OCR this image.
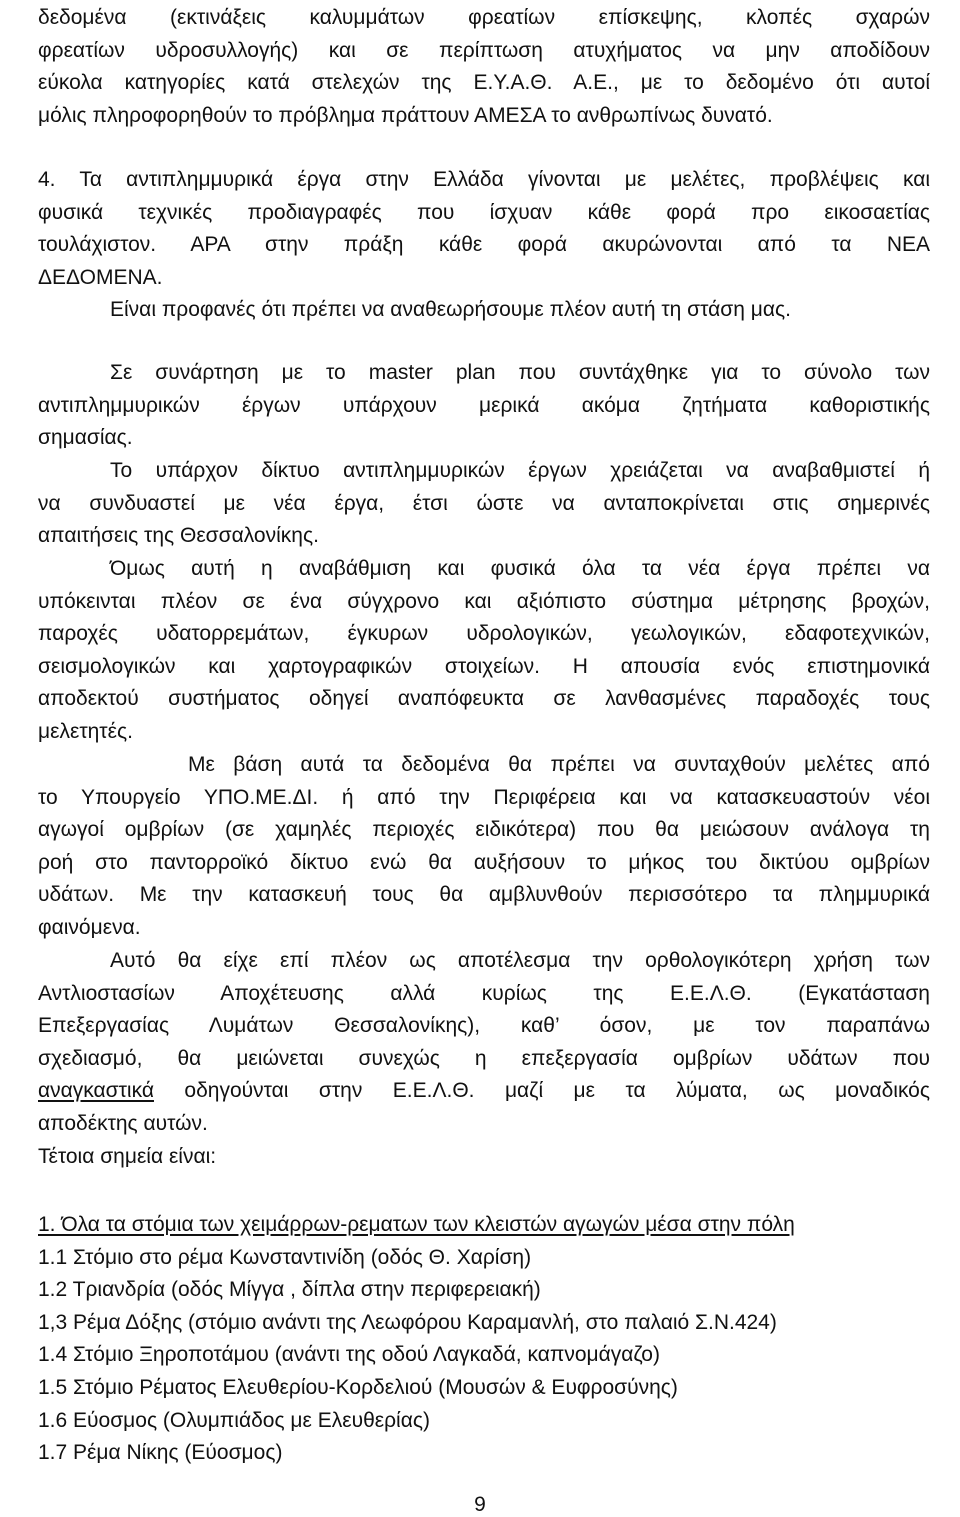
δεδομένα (εκτινάξεις καλυμμάτων φρεατίων επίσκεψης, κλοπές σχαρών
φρεατίων υδροσυλλογής) και σε περίπτωση ατυχήματος να μην αποδίδουν
εύκολα κατηγορίες κατά στελεχών της Ε.Υ.Α.Θ. Α.Ε., με το δεδομένο ότι αυτοί
μόλις πληροφορηθούν το πρόβλημα πράττουν ΑΜΕΣΑ το ανθρωπίνως δυνατό.
4. Τα αντιπλημμυρικά έργα στην Ελλάδα γίνονται με μελέτες, προβλέψεις και
φυσικά τεχνικές προδιαγραφές που ίσχυαν κάθε φορά προ εικοσαετίας
τουλάχιστον. ΑΡΑ στην πράξη κάθε φορά ακυρώνονται από τα ΝΕΑ
ΔΕΔΟΜΕΝΑ.
Είναι προφανές ότι πρέπει να αναθεωρήσουμε πλέον αυτή τη στάση μας.
Σε συνάρτηση με το master plan που συντάχθηκε για το σύνολο των
αντιπλημμυρικών έργων υπάρχουν μερικά ακόμα ζητήματα καθοριστικής
σημασίας.
Το υπάρχον δίκτυο αντιπλημμυρικών έργων χρειάζεται να αναβαθμιστεί ή
να συνδυαστεί με νέα έργα, έτσι ώστε να ανταποκρίνεται στις σημερινές
απαιτήσεις της Θεσσαλονίκης.
Όμως αυτή η αναβάθμιση και φυσικά όλα τα νέα έργα πρέπει να
υπόκεινται πλέον σε ένα σύγχρονο και αξιόπιστο σύστημα μέτρησης βροχών,
παροχές υδατορρεμάτων, έγκυρων υδρολογικών, γεωλογικών, εδαφοτεχνικών,
σεισμολογικών και χαρτογραφικών στοιχείων. Η απουσία ενός επιστημονικά
αποδεκτού συστήματος οδηγεί αναπόφευκτα σε λανθασμένες παραδοχές τους
μελετητές.
Με βάση αυτά τα δεδομένα θα πρέπει να συνταχθούν μελέτες από
το Υπουργείο ΥΠΟ.ΜΕ.ΔΙ. ή από την Περιφέρεια και να κατασκευαστούν νέοι
αγωγοί ομβρίων (σε χαμηλές περιοχές ειδικότερα) που θα μειώσουν ανάλογα τη
ροή στο παντορροϊκό δίκτυο ενώ θα αυξήσουν το μήκος του δικτύου ομβρίων
υδάτων. Με την κατασκευή τους θα αμβλυνθούν περισσότερο τα πλημμυρικά
φαινόμενα.
Αυτό θα είχε επί πλέον ως αποτέλεσμα την ορθολογικότερη χρήση των
Αντλιοστασίων Αποχέτευσης αλλά κυρίως της Ε.Ε.Λ.Θ. (Εγκατάσταση
Επεξεργασίας Λυμάτων Θεσσαλονίκης), καθ’ όσον, με τον παραπάνω
σχεδιασμό, θα μειώνεται συνεχώς η επεξεργασία ομβρίων υδάτων που
αναγκαστικά οδηγούνται στην Ε.Ε.Λ.Θ. μαζί με τα λύματα, ως μοναδικός
αποδέκτης αυτών.
Τέτοια σημεία είναι:
1. Όλα τα στόμια των χειμάρρων-ρεματων των κλειστών αγωγών μέσα στην πόλη
1.1 Στόμιο στο ρέμα Κωνσταντινίδη (οδός Θ. Χαρίση)
1.2 Τριανδρία (οδός Μίγγα , δίπλα στην περιφερειακή)
1,3 Ρέμα Δόξης (στόμιο ανάντι της Λεωφόρου Καραμανλή, στο παλαιό Σ.Ν.424)
1.4 Στόμιο Ξηροποτάμου (ανάντι της οδού Λαγκαδά, καπνομάγαζο)
1.5 Στόμιο Ρέματος Ελευθερίου-Κορδελιού (Μουσών & Ευφροσύνης)
1.6 Εύοσμος (Ολυμπιάδος με Ελευθερίας)
1.7 Ρέμα Νίκης (Εύοσμος)
9
